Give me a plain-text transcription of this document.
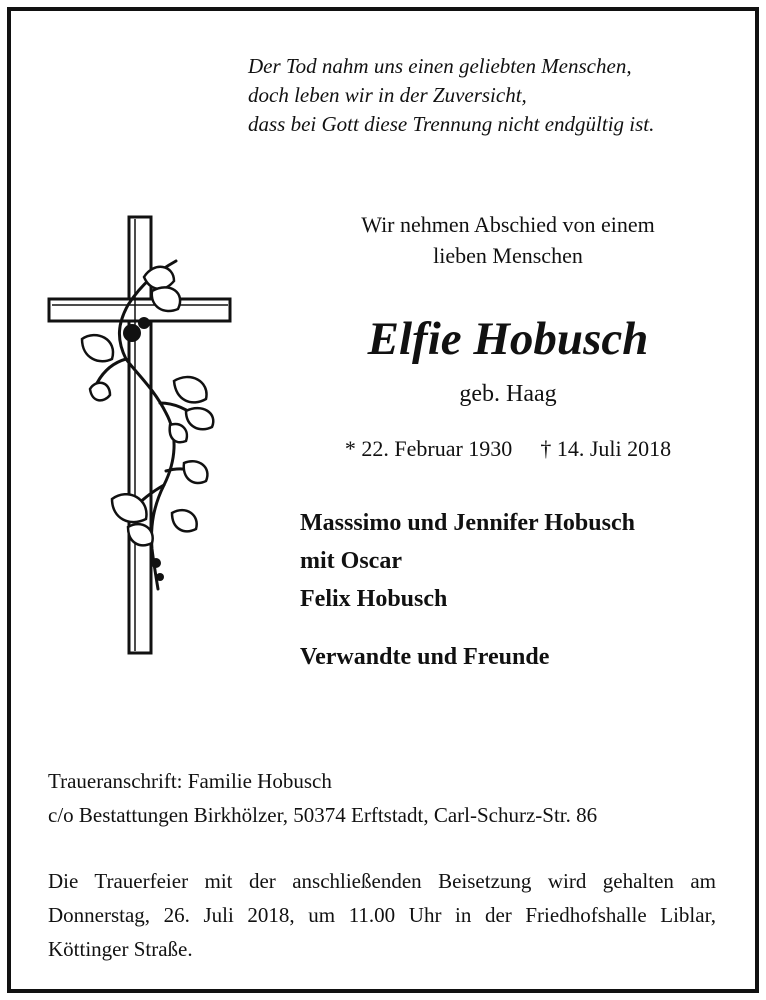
Der Tod nahm uns einen geliebten Menschen,
doch leben wir in der Zuversicht,
dass bei Gott diese Trennung nicht endgültig ist.
Wir nehmen Abschied von einem
lieben Menschen
Elfie Hobusch
geb. Haag
* 22. Februar 1930 † 14. Juli 2018
Masssimo und Jennifer Hobusch
mit Oscar
Felix Hobusch
Verwandte und Freunde
Traueranschrift: Familie Hobusch
c/o Bestattungen Birkhölzer, 50374 Erftstadt, Carl-Schurz-Str. 86
Die Trauerfeier mit der anschließenden Beisetzung wird gehalten am Donnerstag, 26. Juli 2018, um 11.00 Uhr in der Friedhofshalle Liblar, Köttinger Straße.
